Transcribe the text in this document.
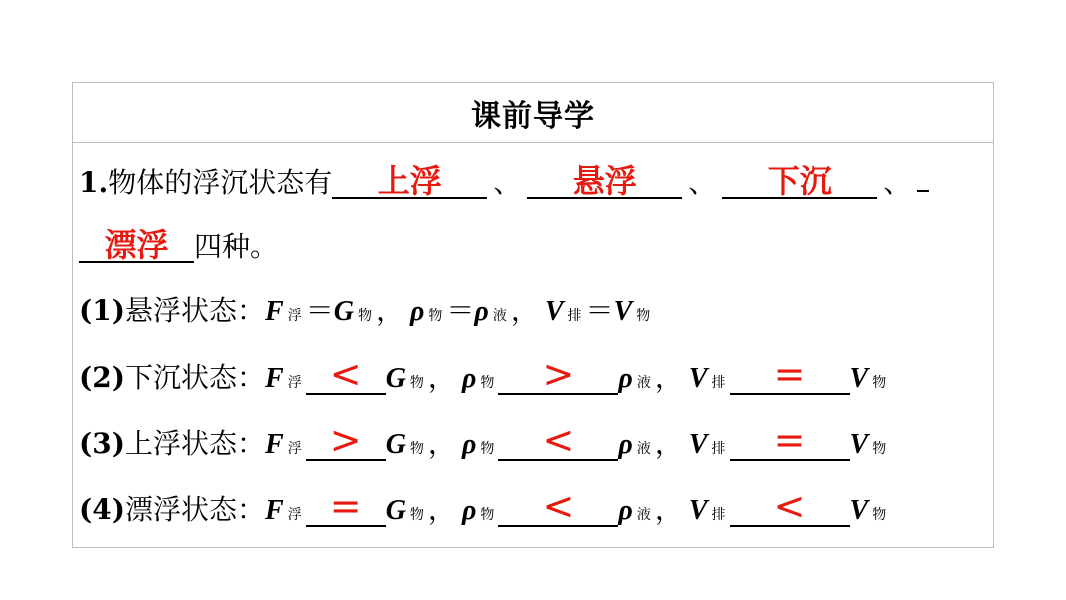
课前导学
1. 物体的浮沉状态有	上浮	、	悬浮	、	下沉	、
漂浮 四种。
(1) 悬浮状态： F 浮 ＝ G 物 ， ρ 物 ＝ ρ 液 ， V 排 ＝ V 物
(2) 下沉状态： F 浮 < G 物 ， ρ 物	>	ρ 液 ， V 排	=	V 物
(3) 上浮状态： F 浮 > G 物 ， ρ 物	<	ρ 液 ， V 排	=	V 物
(4) 漂浮状态： F 浮 = G 物 ， ρ 物	<	ρ 液 ， V 排	<	V 物
